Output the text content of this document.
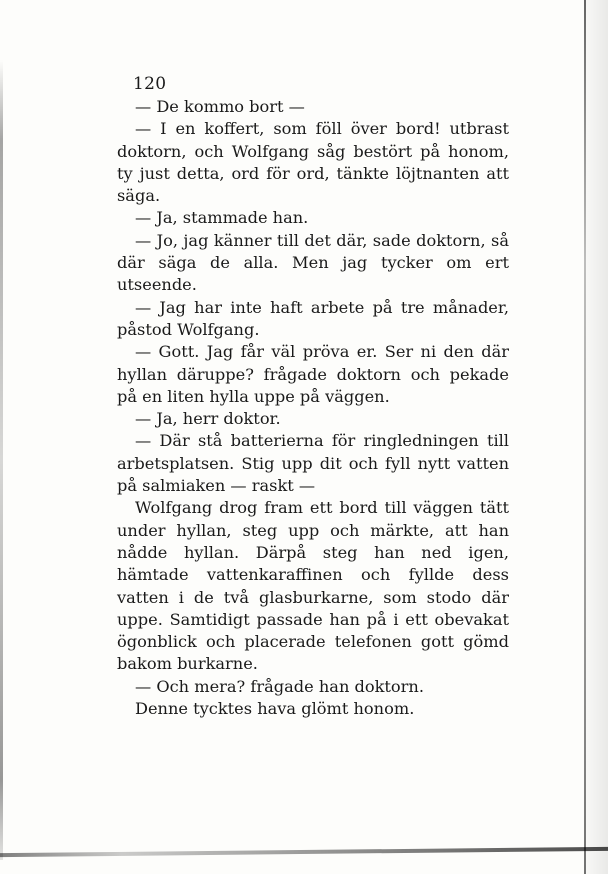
120

— De kommo bort —

— I en koffert, som föll över bord! utbrast doktorn, och Wolfgang såg bestört på honom, ty just detta, ord för ord, tänkte löjtnanten att säga.

— Ja, stammade han.

— Jo, jag känner till det där, sade doktorn, så där säga de alla. Men jag tycker om ert utseende.

— Jag har inte haft arbete på tre månader, påstod Wolfgang.

— Gott. Jag får väl pröva er. Ser ni den där hyllan däruppe? frågade doktorn och pekade på en liten hylla uppe på väggen.

— Ja, herr doktor.

— Där stå batterierna för ringledningen till arbetsplatsen. Stig upp dit och fyll nytt vatten på salmiaken — raskt —

Wolfgang drog fram ett bord till väggen tätt under hyllan, steg upp och märkte, att han nådde hyllan. Därpå steg han ned igen, hämtade vattenkaraffinen och fyllde dess vatten i de två glasburkarne, som stodo där uppe. Samtidigt passade han på i ett obevakat ögonblick och placerade telefonen gott gömd bakom burkarne.

— Och mera? frågade han doktorn.

Denne tycktes hava glömt honom.
